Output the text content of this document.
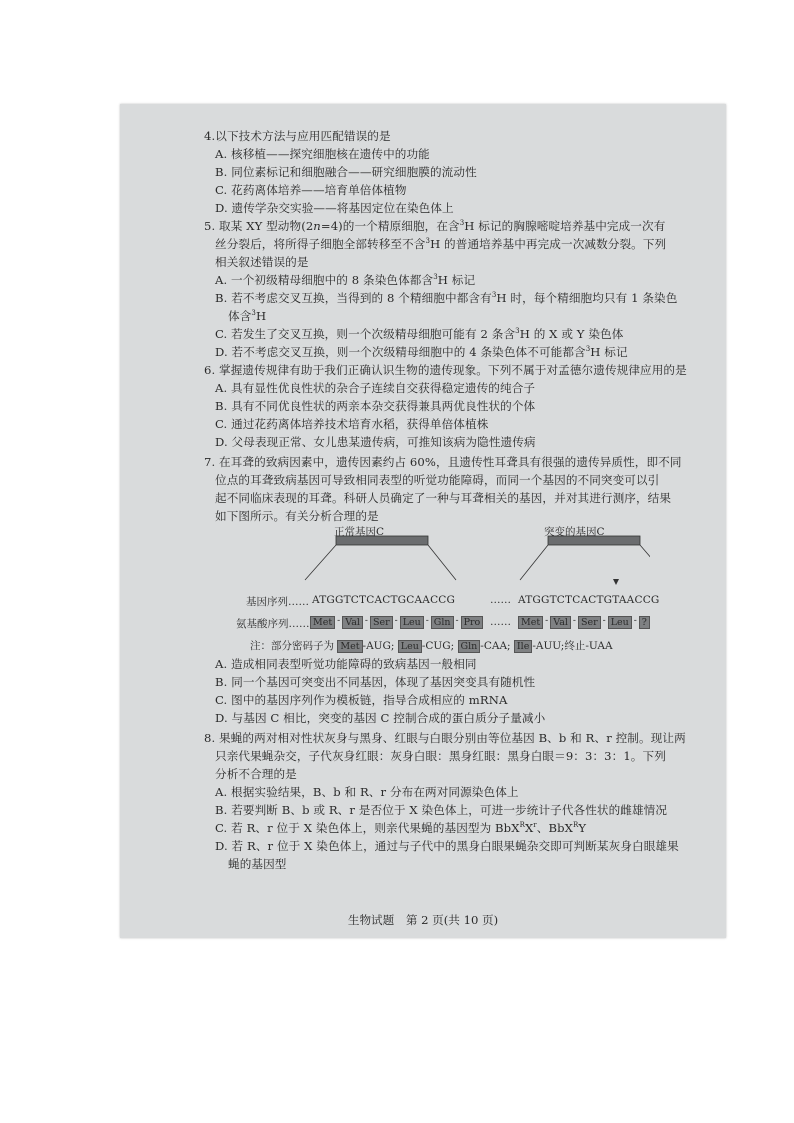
4.以下技术方法与应用匹配错误的是
A. 核移植——探究细胞核在遗传中的功能
B. 同位素标记和细胞融合——研究细胞膜的流动性
C. 花药离体培养——培育单倍体植物
D. 遗传学杂交实验——将基因定位在染色体上
5. 取某 XY 型动物(2n=4)的一个精原细胞，在含$^3$H 标记的胸腺嘧啶培养基中完成一次有
丝分裂后，将所得子细胞全部转移至不含$^3$H 的普通培养基中再完成一次减数分裂。下列
相关叙述错误的是
A. 一个初级精母细胞中的 8 条染色体都含$^3$H 标记
B. 若不考虑交叉互换，当得到的 8 个精细胞中都含有$^3$H 时，每个精细胞均只有 1 条染色
体含$^3$H
C. 若发生了交叉互换，则一个次级精母细胞可能有 2 条含$^3$H 的 X 或 Y 染色体
D. 若不考虑交叉互换，则一个次级精母细胞中的 4 条染色体不可能都含$^3$H 标记
6. 掌握遗传规律有助于我们正确认识生物的遗传现象。下列不属于对孟德尔遗传规律应用的是
A. 具有显性优良性状的杂合子连续自交获得稳定遗传的纯合子
B. 具有不同优良性状的两亲本杂交获得兼具两优良性状的个体
C. 通过花药离体培养技术培育水稻，获得单倍体植株
D. 父母表现正常、女儿患某遗传病，可推知该病为隐性遗传病
7. 在耳聋的致病因素中，遗传因素约占 60%，且遗传性耳聋具有很强的遗传异质性，即不同
位点的耳聋致病基因可导致相同表型的听觉功能障碍，而同一个基因的不同突变可以引
起不同临床表现的耳聋。科研人员确定了一种与耳聋相关的基因，并对其进行测序，结果
如下图所示。有关分析合理的是
正常基因C	突变的基因C
基因序列…… ATGGTCTCACTGCAACCG	…… ATGGTCTCACTGTAACCG
氨基酸序列…… Met - Val - Ser - Leu - Gln - Pro ……	Met - Val - Ser - Leu - ?
注：部分密码子为 Met -AUG; Leu -CUG; Gln -CAA; Ile -AUU;终止-UAA
A. 造成相同表型听觉功能障碍的致病基因一般相同
B. 同一个基因可突变出不同基因，体现了基因突变具有随机性
C. 图中的基因序列作为模板链，指导合成相应的 mRNA
D. 与基因 C 相比，突变的基因 C 控制合成的蛋白质分子量减小
8. 果蝇的两对相对性状灰身与黑身、红眼与白眼分别由等位基因 B、b 和 R、r 控制。现让两
只亲代果蝇杂交，子代灰身红眼：灰身白眼：黑身红眼：黑身白眼＝9：3：3：1。下列
分析不合理的是
A. 根据实验结果，B、b 和 R、r 分布在两对同源染色体上
B. 若要判断 B、b 或 R、r 是否位于 X 染色体上，可进一步统计子代各性状的雌雄情况
C. 若 R、r 位于 X 染色体上，则亲代果蝇的基因型为 $BbX^RX^r$、BbX$^R$Y
D. 若 R、r 位于 X 染色体上，通过与子代中的黑身白眼果蝇杂交即可判断某灰身白眼雄果
蝇的基因型
生物试题　第 2 页(共 10 页)
